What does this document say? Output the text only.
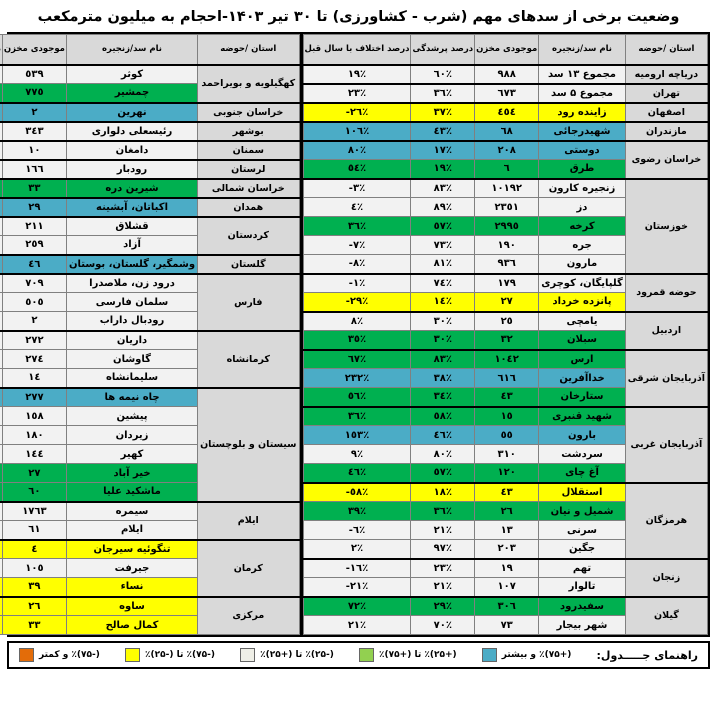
وضعیت برخی از سدهای مهم (شرب - کشاورزی) تا ۳۰ تیر ۱۴۰۳-احجام به میلیون مترمکعب
استان /حوضه	نام سد/زنجیره	موجودی مخزن	درصد پرشدگی	درصد اختلاف با سال قبل
دریاچه ارومیه	مجموع ۱۳ سد	٩٨٨	٦٠٪	١٩٪
تهران	مجموع ۵ سد	٦٧٣	٣٦٪	٢٣٪
اصفهان	زاینده رود	٤٥٤	٣٧٪	-٢٦٪
مازندران	شهیدرجائی	٦٨	٤٣٪	١٠٦٪
خراسان رضوی	دوستی	٢٠٨	١٧٪	٨٠٪
	طرق	٦	١٩٪	٥٤٪
خوزستان	زنجیره کارون	١٠١٩٢	٨٣٪	-٣٪
	دز	٢٣٥١	٨٩٪	٤٪
	کرخه	٢٩٩٥	٥٧٪	٣٦٪
	جره	١٩٠	٧٣٪	-٧٪
	مارون	٩٣٦	٨١٪	-٨٪
حوضه قمرود	گلپایگان، کوچری	١٧٩	٧٤٪	-١٪
	پانزده خرداد	٢٧	١٤٪	-٢٩٪
اردبیل	یامچی	٢٥	٣٠٪	٨٪
	سبلان	٣٢	٣٠٪	٣٥٪
آذربایجان شرقی	ارس	١٠٤٢	٨٣٪	٦٧٪
	خداآفرین	٦١٦	٣٨٪	٢٣٢٪
	ستارخان	٤٣	٣٤٪	٥٦٪
آذربایجان غربی	شهید قنبری	١٥	٥٨٪	٣٦٪
	بارون	٥٥	٤٦٪	١٥٣٪
	سردشت	٣١٠	٨٠٪	٩٪
	آغ چای	١٢٠	٥٧٪	٤٦٪
هرمزگان	استقلال	٤٣	١٨٪	-٥٨٪
	شمیل و نیان	٢٦	٣٦٪	٣٩٪
	سرنی	١٣	٢١٪	-٦٪
	جگین	٢٠٣	٩٧٪	٢٪
زنجان	تهم	١٩	٢٣٪	-١٦٪
	تالوار	١٠٧	٢١٪	-٢١٪
گیلان	سفیدرود	٣٠٦	٢٩٪	٧٢٪
	شهر بیجار	٧٣	٧٠٪	٢١٪
استان /حوضه	نام سد/زنجیره	موجودی مخزن		
کهگیلویه و بویراحمد	کوثر	٥٣٩		
	چمشیر	٧٧٥		
خراسان جنوبی	نهرین	٢		
بوشهر	رئیسعلی دلواری	٣٤٣		
سمنان	دامغان	١٠		
لرستان	رودبار	١٦٦		
خراسان شمالی	شیرین دره	٣٣		
همدان	اکباتان، آبشینه	٢٩		
کردستان	قشلاق	٢١١		
	آزاد	٢٥٩		
گلستان	وشمگیر، گلستان، بوستان	٤٦		
فارس	درود زن، ملاصدرا	٧٠٩		
	سلمان فارسی	٥٠٥		
	رودبال داراب	٢		
کرمانشاه	داریان	٢٧٢		
	گاوشان	٢٧٤		
	سلیمانشاه	١٤		
سیستان و بلوچستان	چاه نیمه ها	٢٧٧		
	پیشین	١٥٨		
	زیردان	١٨٠		
	کهیر	١٤٤		
	خیر آباد	٢٧		
	ماشکید علیا	٦٠		
ایلام	سیمره	١٧٦٣		
	ایلام	٦١		
کرمان	تنگوئیه سیرجان	٤		
	جیرفت	١٠٥		
	نساء	٣٩		
مرکزی	ساوه	٢٦		
	کمال صالح	٣٣		
راهنمای جـــــدول:
(+۷۵)٪ و بیشتر
(+۲۵)٪ تا (+۷۵)٪
(-۲۵)٪ تا (+۲۵)٪
(-۷۵)٪ تا (-۲۵)٪
(-۷۵)٪ و کمتر
